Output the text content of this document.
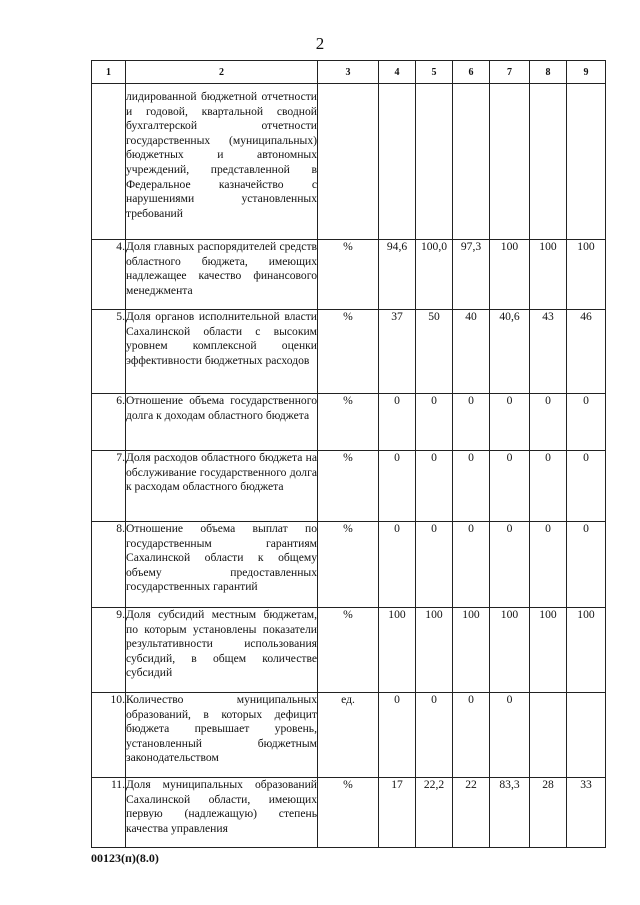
2
1	2	3	4	5	6	7	8	9
	лидированной бюджетной отчетности и годовой, квартальной сводной бухгалтерской отчетности государственных (муниципальных) бюджетных и автономных учреждений, представленной в Федеральное казначейство с нарушениями установленных требований							
4.	Доля главных распорядителей средств областного бюджета, имеющих надлежащее качество финансового менеджмента	%	94,6	100,0	97,3	100	100	100
5.	Доля органов исполнительной власти Сахалинской области с высоким уровнем комплексной оценки эффективности бюджетных расходов	%	37	50	40	40,6	43	46
6.	Отношение объема государственного долга к доходам областного бюджета	%	0	0	0	0	0	0
7.	Доля расходов областного бюджета на обслуживание государственного долга к расходам областного бюджета	%	0	0	0	0	0	0
8.	Отношение объема выплат по государственным гарантиям Сахалинской области к общему объему предоставленных государственных гарантий	%	0	0	0	0	0	0
9.	Доля субсидий местным бюджетам, по которым установлены показатели результативности использования субсидий, в общем количестве субсидий	%	100	100	100	100	100	100
10.	Количество муниципальных образований, в которых дефицит бюджета превышает уровень, установленный бюджетным законодательством	ед.	0	0	0	0		
11.	Доля муниципальных образований Сахалинской области, имеющих первую (надлежащую) степень качества управления	%	17	22,2	22	83,3	28	33
00123(п)(8.0)
